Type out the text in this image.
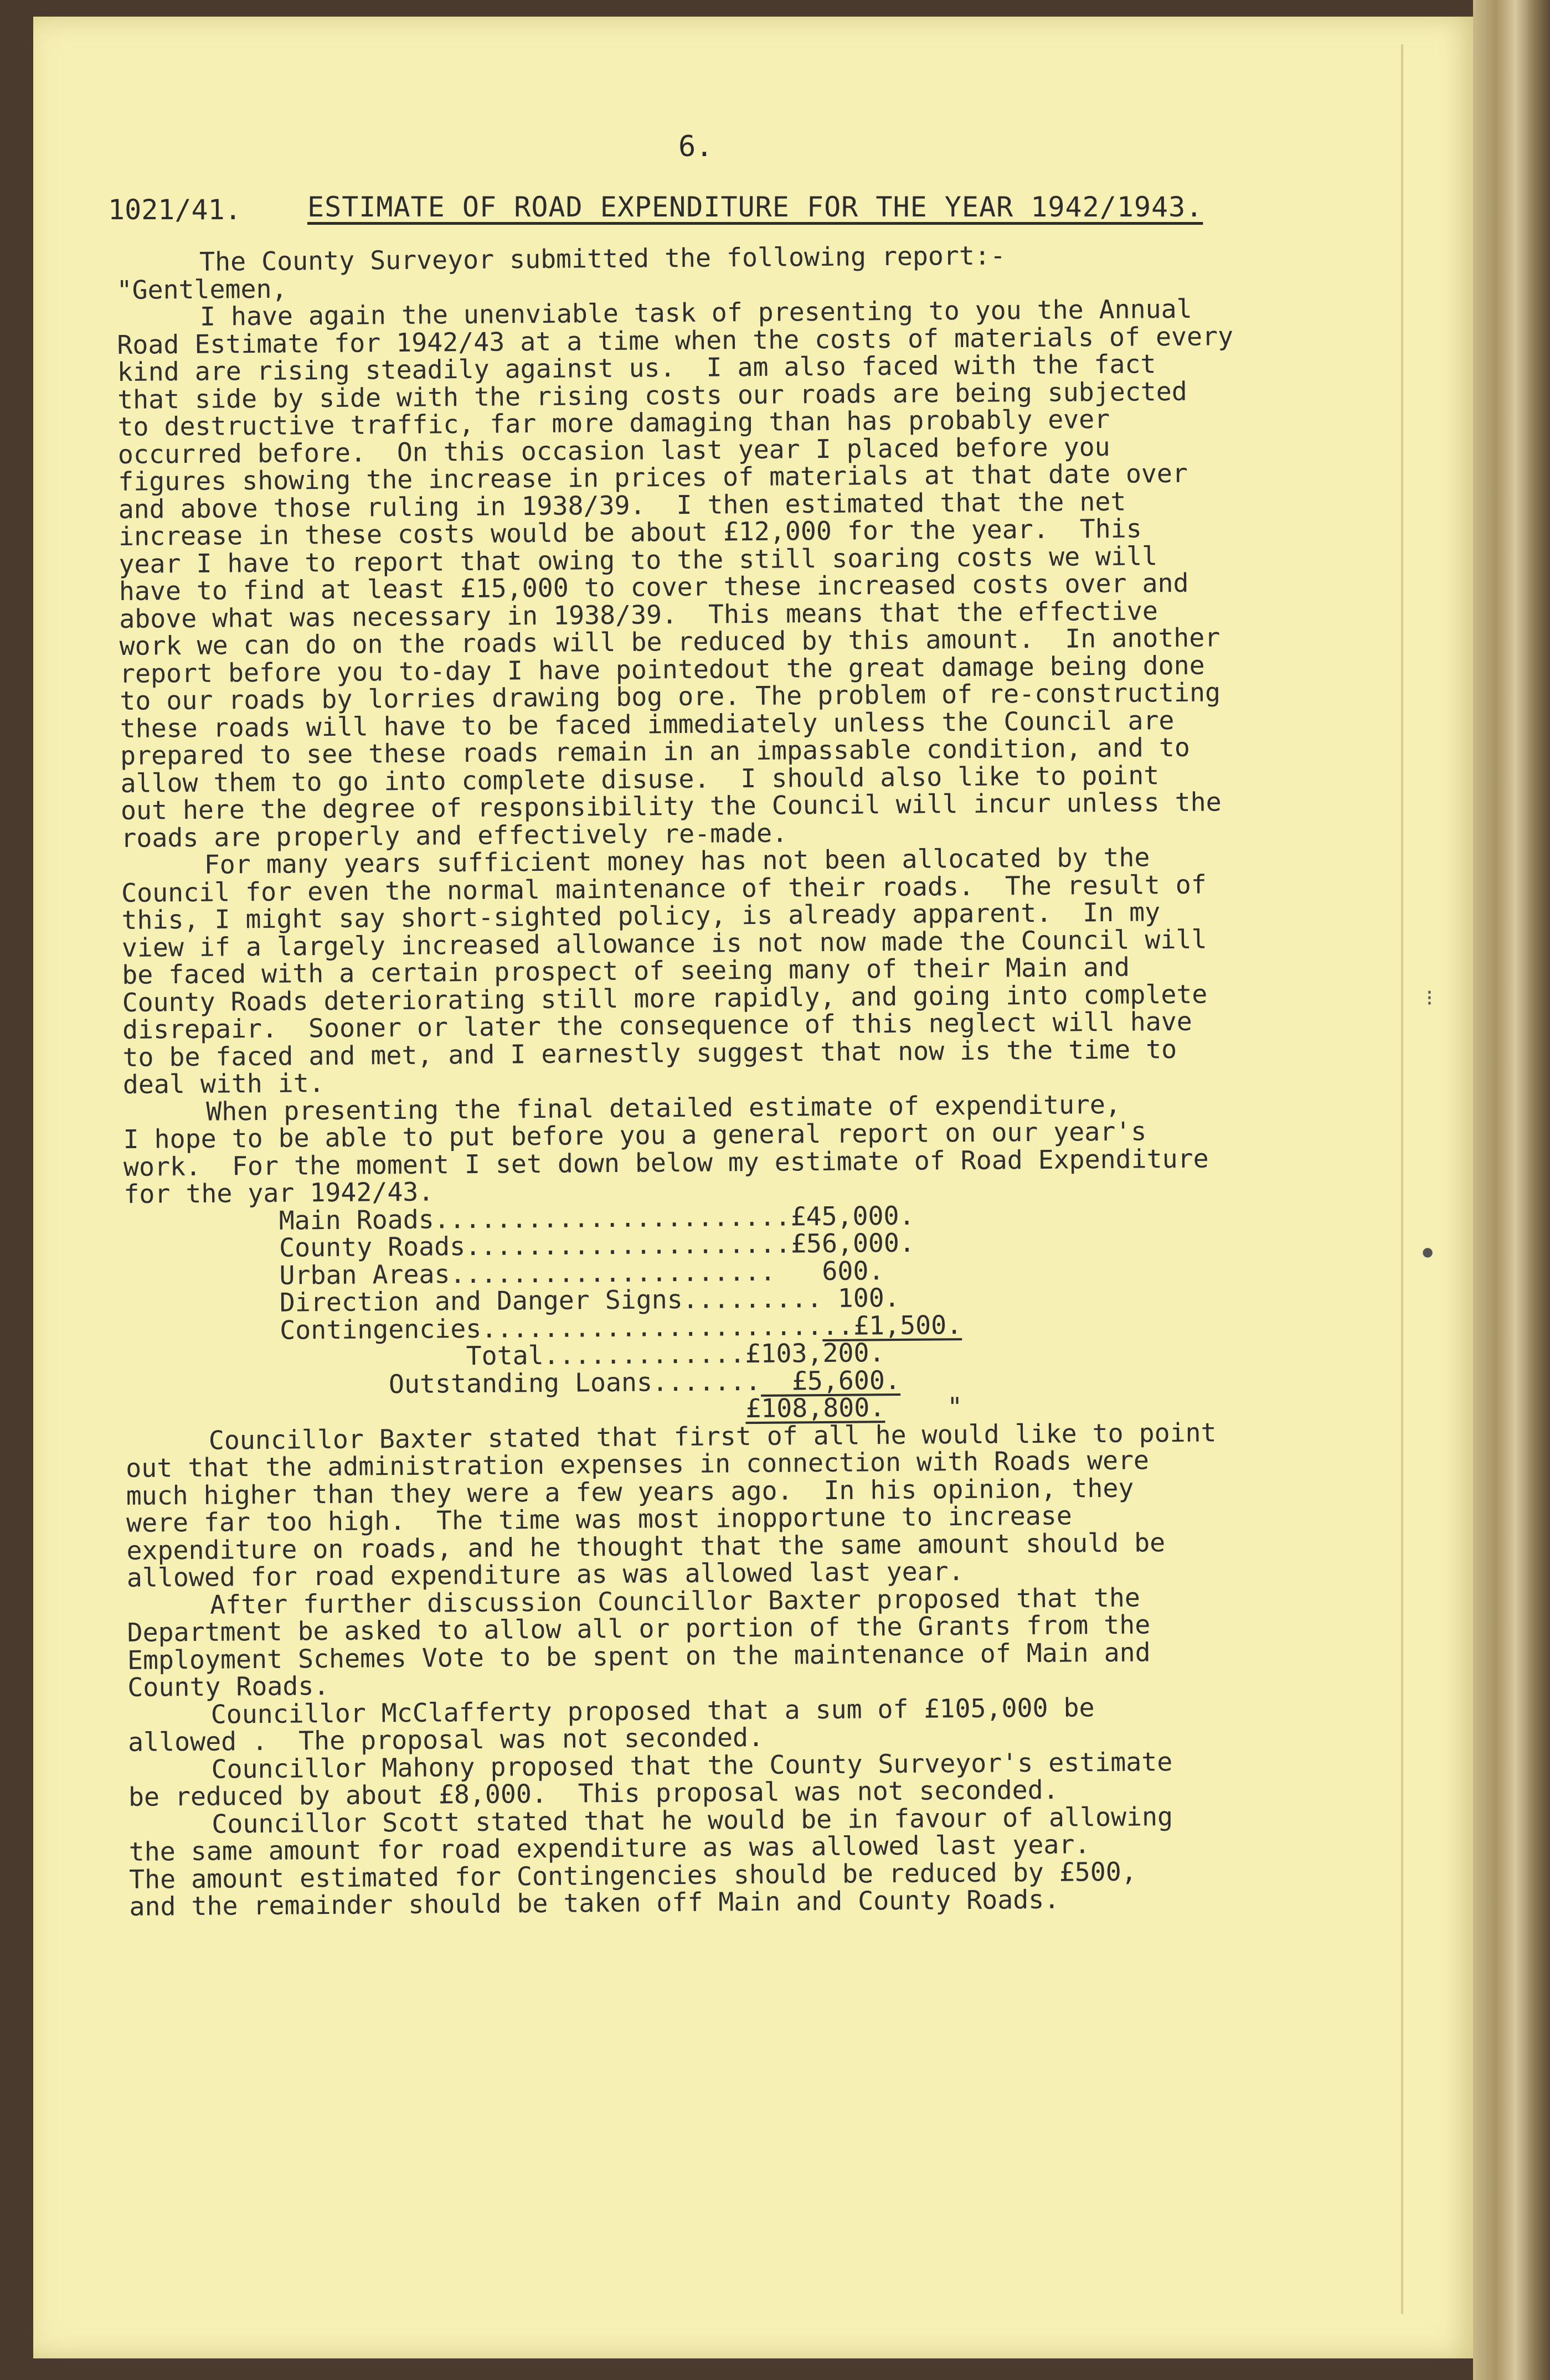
6.
1021/41. ESTIMATE OF ROAD EXPENDITURE FOR THE YEAR 1942/1943.
The County Surveyor submitted the following report:-
"Gentlemen,
I have again the unenviable task of presenting to you the Annual
Road Estimate for 1942/43 at a time when the costs of materials of every
kind are rising steadily against us.  I am also faced with the fact
that side by side with the rising costs our roads are being subjected
to destructive traffic, far more damaging than has probably ever
occurred before.  On this occasion last year I placed before you
figures showing the increase in prices of materials at that date over
and above those ruling in 1938/39.  I then estimated that the net
increase in these costs would be about £12,000 for the year.  This
year I have to report that owing to the still soaring costs we will
have to find at least £15,000 to cover these increased costs over and
above what was necessary in 1938/39.  This means that the effective
work we can do on the roads will be reduced by this amount.  In another
report before you to-day I have pointedout the great damage being done
to our roads by lorries drawing bog ore. The problem of re-constructing
these roads will have to be faced immediately unless the Council are
prepared to see these roads remain in an impassable condition, and to
allow them to go into complete disuse.  I should also like to point
out here the degree of responsibility the Council will incur unless the
roads are properly and effectively re-made.
For many years sufficient money has not been allocated by the
Council for even the normal maintenance of their roads.  The result of
this, I might say short-sighted policy, is already apparent.  In my
view if a largely increased allowance is not now made the Council will
be faced with a certain prospect of seeing many of their Main and
County Roads deteriorating still more rapidly, and going into complete
disrepair.  Sooner or later the consequence of this neglect will have
to be faced and met, and I earnestly suggest that now is the time to
deal with it.
When presenting the final detailed estimate of expenditure,
I hope to be able to put before you a general report on our year's
work.  For the moment I set down below my estimate of Road Expenditure
for the yar 1942/43.
Main Roads.......................£45,000.
County Roads.....................£56,000.
Urban Areas.....................   600.
Direction and Danger Signs......... 100.
Contingencies........................£1,500.
Total.............£103,200.
Outstanding Loans.......  £5,600.
£108,800.    "
Councillor Baxter stated that first of all he would like to point
out that the administration expenses in connection with Roads were
much higher than they were a few years ago.  In his opinion, they
were far too high.  The time was most inopportune to increase
expenditure on roads, and he thought that the same amount should be
allowed for road expenditure as was allowed last year.
After further discussion Councillor Baxter proposed that the
Department be asked to allow all or portion of the Grants from the
Employment Schemes Vote to be spent on the maintenance of Main and
County Roads.
Councillor McClafferty proposed that a sum of £105,000 be
allowed .  The proposal was not seconded.
Councillor Mahony proposed that the County Surveyor's estimate
be reduced by about £8,000.  This proposal was not seconded.
Councillor Scott stated that he would be in favour of allowing
the same amount for road expenditure as was allowed last year.
The amount estimated for Contingencies should be reduced by £500,
and the remainder should be taken off Main and County Roads.
•
⁝
